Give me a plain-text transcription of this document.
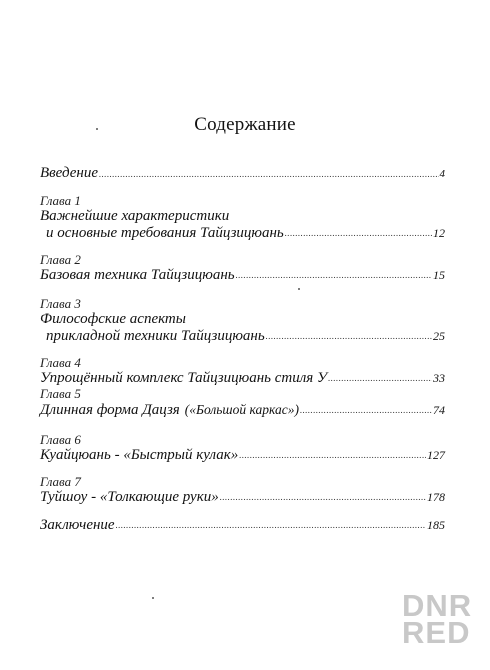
Содержание
Введение .....	4
Глава 1
Важнейшие характеристики
и основные требования Тайцзицюань .....	12
Глава 2
Базовая техника Тайцзицюань .....	15
Глава 3
Философские аспекты
прикладной техники Тайцзицюань .....	25
Глава 4
Упрощённый комплекс Тайцзицюань стиля У .....	33
Глава 5
Длинная форма Дацзя («Большой каркас») .....	74
Глава 6
Куайцюань - «Быстрый кулак» .....	127
Глава 7
Туйшоу - «Толкающие руки» .....	178
Заключение .....	185
DNR
RED
